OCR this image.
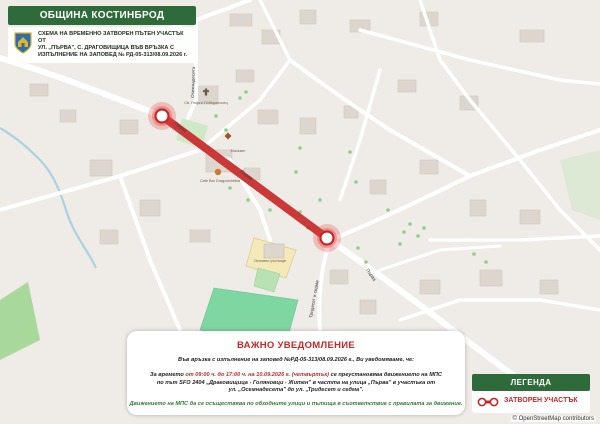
Първа
Първа
Първа
Осемнадесета
Тридесет и седма
Св. Георги Победоносец
Cafe Bar Dragovishtitsa
Основно училище
Магазин
ОБЩИНА КОСТИНБРОД
СХЕМА НА ВРЕМЕННО ЗАТВОРЕН ПЪТЕН УЧАСТЪК ОТ
УЛ. „ПЪРВА", С. ДРАГОВИЩИЦА ВЪВ ВРЪЗКА С
ИЗПЪЛНЕНИЕ НА ЗАПОВЕД № РД-05-313/08.09.2026 г.
ВАЖНО УВЕДОМЛЕНИЕ
Във връзка с изпълнение на заповед №РД-05-313/08.09.2026 г., Ви уведомяваме, че:
За времето от 09:00 ч. до 17:00 ч. на 10.09.2026 г. (четвъртък) се преустановява движението на МПС
по път SFO 2404 „Драговищица - Голяновци - Житен" в частта на улица „Първа" в участъка от
ул. „Осемнадесета" до ул. „Тридесет и седма".
Движението на МПС да се осъществява по обходните улици и пътища в съответствие с правилата за движение.
ЛЕГЕНДА
ЗАТВОРЕН УЧАСТЪК
© OpenStreetMap contributors
